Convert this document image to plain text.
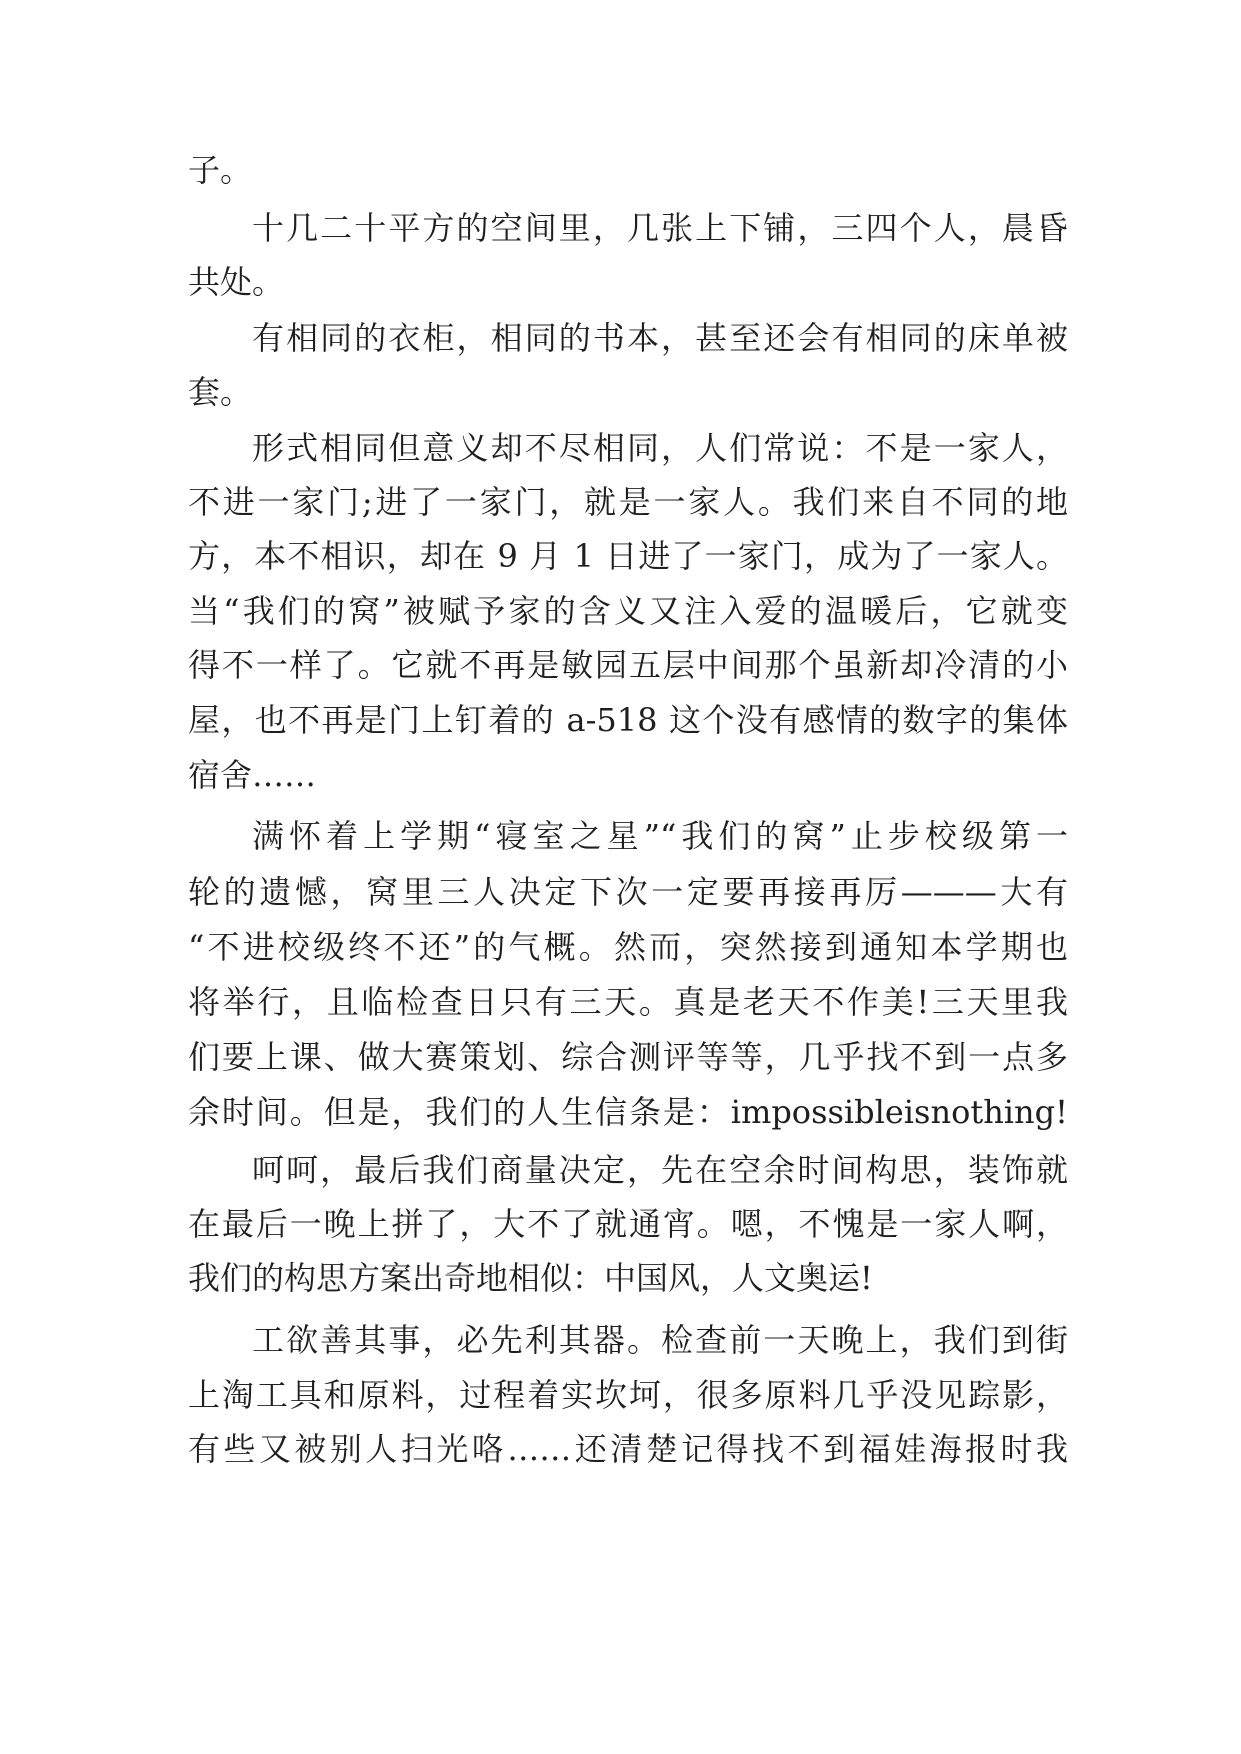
子。
十几二十平方的空间里，几张上下铺，三四个人，晨昏
共处。
有相同的衣柜，相同的书本，甚至还会有相同的床单被
套。
形式相同但意义却不尽相同，人们常说：不是一家人，
不进一家门;进了一家门，就是一家人。我们来自不同的地
方，本不相识，却在 9 月 1 日进了一家门，成为了一家人。
当“我们的窝”被赋予家的含义又注入爱的温暖后，它就变
得不一样了。它就不再是敏园五层中间那个虽新却冷清的小
屋，也不再是门上钉着的 a-518 这个没有感情的数字的集体
宿舍……
满怀着上学期“寝室之星”“我们的窝”止步校级第一
轮的遗憾，窝里三人决定下次一定要再接再厉———大有
“不进校级终不还”的气概。然而，突然接到通知本学期也
将举行，且临检查日只有三天。真是老天不作美!三天里我
们要上课、做大赛策划、综合测评等等，几乎找不到一点多
余时间。但是，我们的人生信条是：impossibleisnothing!
呵呵，最后我们商量决定，先在空余时间构思，装饰就
在最后一晚上拼了，大不了就通宵。嗯，不愧是一家人啊，
我们的构思方案出奇地相似：中国风，人文奥运!
工欲善其事，必先利其器。检查前一天晚上，我们到街
上淘工具和原料，过程着实坎坷，很多原料几乎没见踪影，
有些又被别人扫光咯……还清楚记得找不到福娃海报时我
